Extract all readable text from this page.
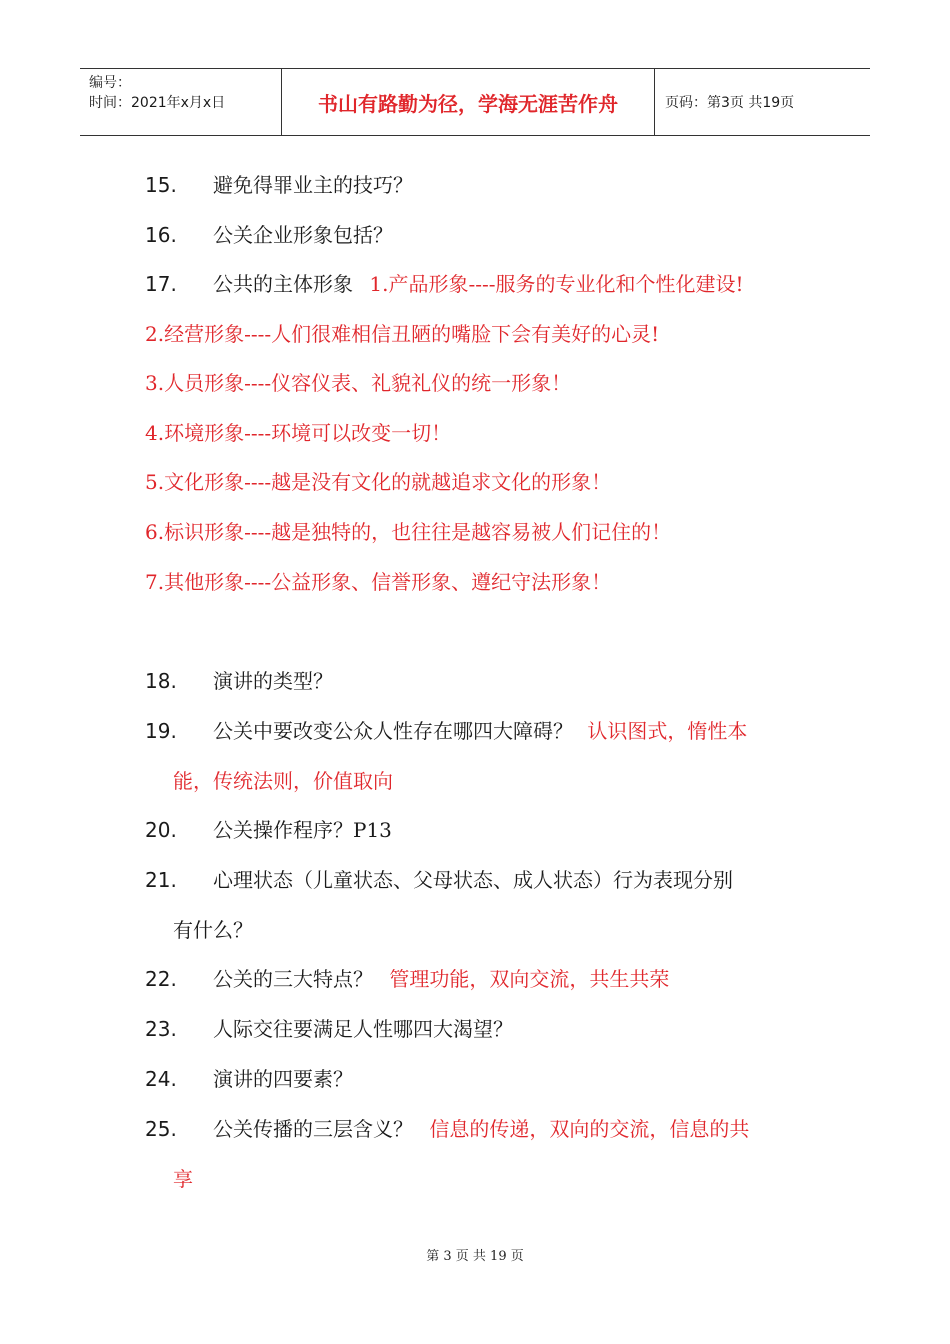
编号：
时间：2021年x月x日	书山有路勤为径，学海无涯苦作舟	页码：第3页 共19页
15. 避免得罪业主的技巧？
16. 公关企业形象包括？
17. 公共的主体形象 1.产品形象----服务的专业化和个性化建设!
2.经营形象----人们很难相信丑陋的嘴脸下会有美好的心灵!
3.人员形象----仪容仪表、礼貌礼仪的统一形象！
4.环境形象----环境可以改变一切！
5.文化形象----越是没有文化的就越追求文化的形象！
6.标识形象----越是独特的，也往往是越容易被人们记住的！
7.其他形象----公益形象、信誉形象、遵纪守法形象！
18. 演讲的类型？
19. 公关中要改变公众人性存在哪四大障碍？ 认识图式，惰性本
能，传统法则，价值取向
20. 公关操作程序？P13
21. 心理状态（儿童状态、父母状态、成人状态）行为表现分别
有什么？
22. 公关的三大特点？ 管理功能，双向交流，共生共荣
23. 人际交往要满足人性哪四大渴望？
24. 演讲的四要素？
25. 公关传播的三层含义？ 信息的传递，双向的交流，信息的共
享
第 3 页 共 19 页
